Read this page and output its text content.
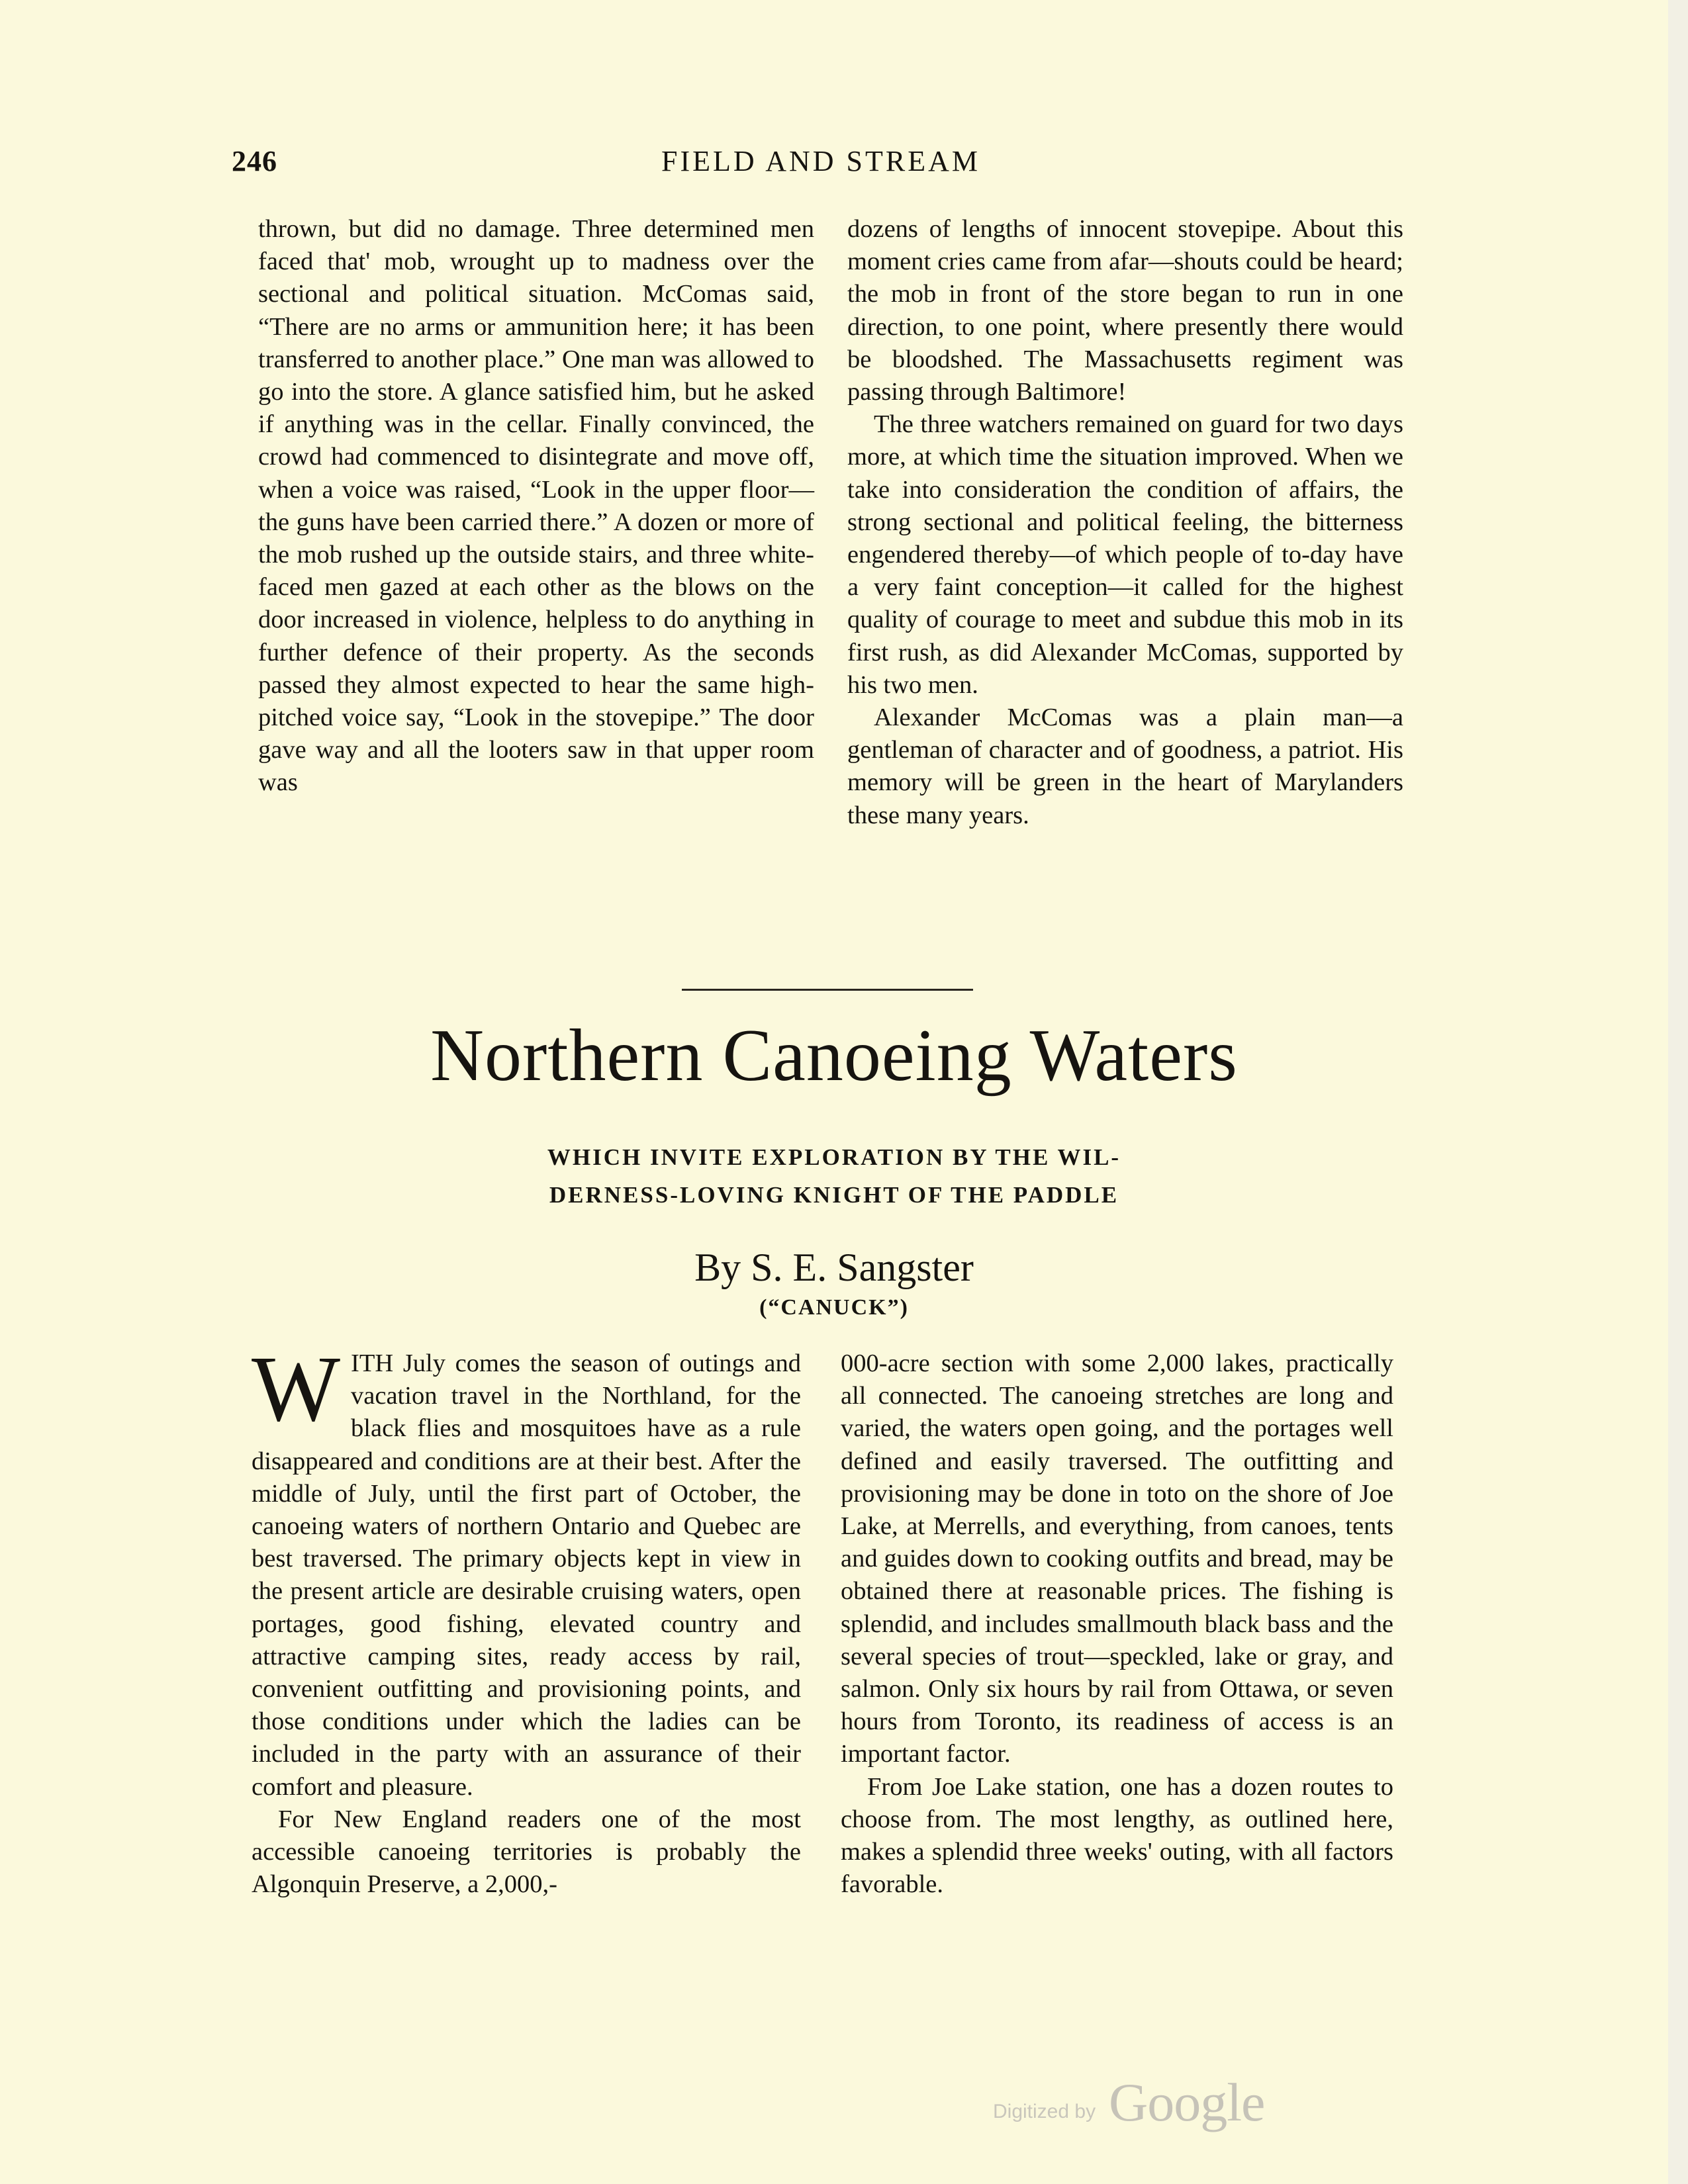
246	FIELD AND STREAM

thrown, but did no damage. Three determined men faced that' mob, wrought up to madness over the sectional and political situation. McComas said, “There are no arms or ammunition here; it has been transferred to another place.” One man was allowed to go into the store. A glance satisfied him, but he asked if anything was in the cellar. Finally convinced, the crowd had commenced to disintegrate and move off, when a voice was raised, “Look in the upper floor—the guns have been carried there.” A dozen or more of the mob rushed up the outside stairs, and three white-faced men gazed at each other as the blows on the door increased in violence, helpless to do anything in further defence of their property. As the seconds passed they almost expected to hear the same high-pitched voice say, “Look in the stovepipe.” The door gave way and all the looters saw in that upper room was

dozens of lengths of innocent stovepipe. About this moment cries came from afar—shouts could be heard; the mob in front of the store began to run in one direction, to one point, where presently there would be bloodshed. The Massachusetts regiment was passing through Baltimore!

The three watchers remained on guard for two days more, at which time the situation improved. When we take into consideration the condition of affairs, the strong sectional and political feeling, the bitterness engendered thereby—of which people of to-day have a very faint conception—it called for the highest quality of courage to meet and subdue this mob in its first rush, as did Alexander McComas, supported by his two men.

Alexander McComas was a plain man—a gentleman of character and of goodness, a patriot. His memory will be green in the heart of Marylanders these many years.

Northern Canoeing Waters
WHICH INVITE EXPLORATION BY THE WIL-
DERNESS-LOVING KNIGHT OF THE PADDLE
By S. E. Sangster
(“CANUCK”)

WITH July comes the season of outings and vacation travel in the Northland, for the black flies and mosquitoes have as a rule disappeared and conditions are at their best. After the middle of July, until the first part of October, the canoeing waters of northern Ontario and Quebec are best traversed. The primary objects kept in view in the present article are desirable cruising waters, open portages, good fishing, elevated country and attractive camping sites, ready access by rail, convenient outfitting and provisioning points, and those conditions under which the ladies can be included in the party with an assurance of their comfort and pleasure.

For New England readers one of the most accessible canoeing territories is probably the Algonquin Preserve, a 2,000,-

000-acre section with some 2,000 lakes, practically all connected. The canoeing stretches are long and varied, the waters open going, and the portages well defined and easily traversed. The outfitting and provisioning may be done in toto on the shore of Joe Lake, at Merrells, and everything, from canoes, tents and guides down to cooking outfits and bread, may be obtained there at reasonable prices. The fishing is splendid, and includes smallmouth black bass and the several species of trout—speckled, lake or gray, and salmon. Only six hours by rail from Ottawa, or seven hours from Toronto, its readiness of access is an important factor.

From Joe Lake station, one has a dozen routes to choose from. The most lengthy, as outlined here, makes a splendid three weeks' outing, with all factors favorable.

Digitized by Google
